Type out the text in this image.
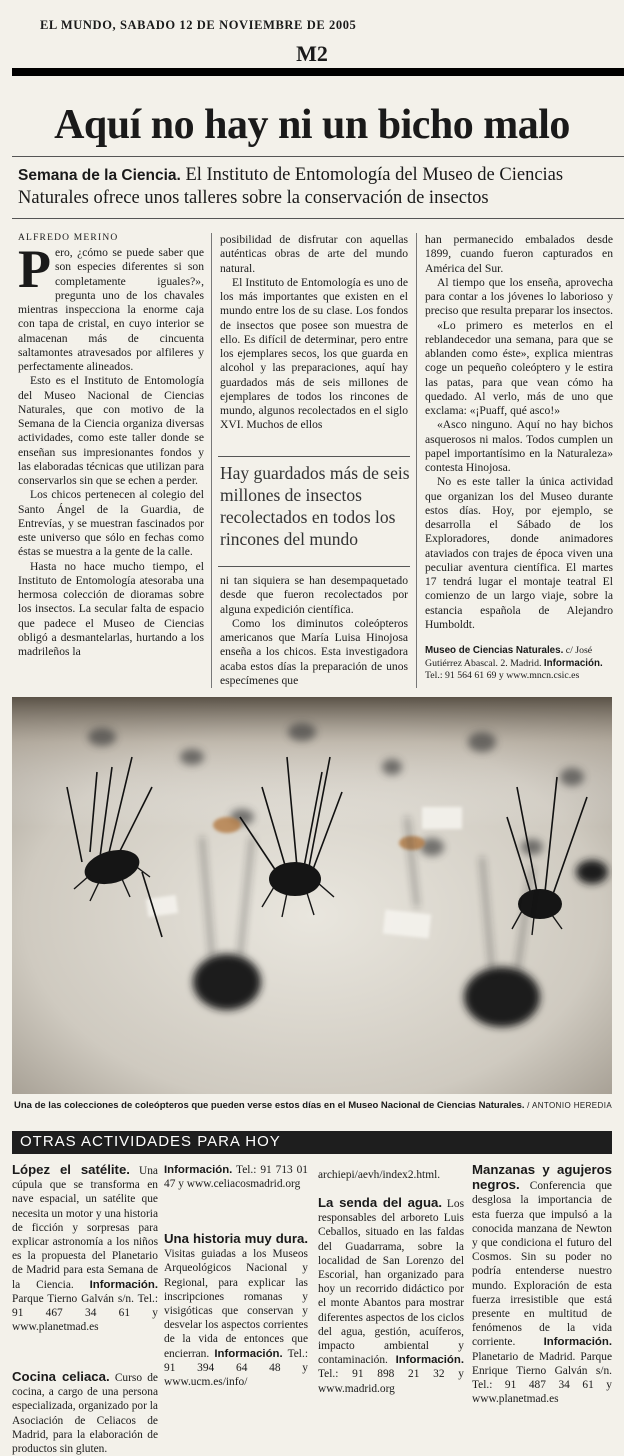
EL MUNDO, SABADO 12 DE NOVIEMBRE DE 2005
M2
Aquí no hay ni un bicho malo
Semana de la Ciencia. El Instituto de Entomología del Museo de Ciencias Naturales ofrece unos talleres sobre la conservación de insectos
ALFREDO MERINO

Pero, ¿cómo se puede saber que son especies diferentes si son completamente iguales?», pregunta uno de los chavales mientras inspecciona la enorme caja con tapa de cristal, en cuyo interior se almacenan más de cincuenta saltamontes atravesados por alfileres y perfectamente alineados.

Esto es el Instituto de Entomología del Museo Nacional de Ciencias Naturales, que con motivo de la Semana de la Ciencia organiza diversas actividades, como este taller donde se enseñan sus impresionantes fondos y las elaboradas técnicas que utilizan para conservarlos sin que se echen a perder.

Los chicos pertenecen al colegio del Santo Ángel de la Guardia, de Entrevías, y se muestran fascinados por este universo que sólo en fechas como éstas se muestra a la gente de la calle.

Hasta no hace mucho tiempo, el Instituto de Entomología atesoraba una hermosa colección de dioramas sobre los insectos. La secular falta de espacio que padece el Museo de Ciencias obligó a desmantelarlas, hurtando a los madrileños la

posibilidad de disfrutar con aquellas auténticas obras de arte del mundo natural.

El Instituto de Entomología es uno de los más importantes que existen en el mundo entre los de su clase. Los fondos de insectos que posee son muestra de ello. Es difícil de determinar, pero entre los ejemplares secos, los que guarda en alcohol y las preparaciones, aquí hay guardados más de seis millones de ejemplares de todos los rincones de mundo, algunos recolectados en el siglo XVI. Muchos de ellos

Hay guardados más de seis millones de insectos recolectados en todos los rincones del mundo

ni tan siquiera se han desempaquetado desde que fueron recolectados por alguna expedición científica.

Como los diminutos coleópteros americanos que María Luisa Hinojosa enseña a los chicos. Esta investigadora acaba estos días la preparación de unos especímenes que

han permanecido embalados desde 1899, cuando fueron capturados en América del Sur.

Al tiempo que los enseña, aprovecha para contar a los jóvenes lo laborioso y preciso que resulta preparar los insectos.

«Lo primero es meterlos en el reblandecedor una semana, para que se ablanden como éste», explica mientras coge un pequeño coleóptero y le estira las patas, para que vean cómo ha quedado. Al verlo, más de uno que exclama: «¡Puaff, qué asco!»

«Asco ninguno. Aquí no hay bichos asquerosos ni malos. Todos cumplen un papel importantísimo en la Naturaleza» contesta Hinojosa.

No es este taller la única actividad que organizan los del Museo durante estos días. Hoy, por ejemplo, se desarrolla el Sábado de los Exploradores, donde animadores ataviados con trajes de época viven una peculiar aventura científica. El martes 17 tendrá lugar el montaje teatral El comienzo de un largo viaje, sobre la estancia española de Alejandro Humboldt.

Museo de Ciencias Naturales. c/ José Gutiérrez Abascal. 2. Madrid. Información. Tel.: 91 564 61 69 y www.mncn.csic.es
Una de las colecciones de coleópteros que pueden verse estos días en el Museo Nacional de Ciencias Naturales. / ANTONIO HEREDIA
OTRAS ACTIVIDADES PARA HOY
López el satélite. Una cúpula que se transforma en nave espacial, un satélite que necesita un motor y una historia de ficción y sorpresas para explicar astronomía a los niños es la propuesta del Planetario de Madrid para esta Semana de la Ciencia. Información. Parque Tierno Galván s/n. Tel.: 91 467 34 61 y www.planetmad.es
Cocina celiaca. Curso de cocina, a cargo de una persona especializada, organizado por la Asociación de Celiacos de Madrid, para la elaboración de productos sin gluten.
Información. Tel.: 91 713 01 47 y www.celiacosmadrid.org
Una historia muy dura. Visitas guiadas a los Museos Arqueológicos Nacional y Regional, para explicar las inscripciones romanas y visigóticas que conservan y desvelar los aspectos corrientes de la vida de entonces que encierran. Información. Tel.: 91 394 64 48 y www.ucm.es/info/
archiepi/aevh/index2.html.
La senda del agua. Los responsables del arboreto Luis Ceballos, situado en las faldas del Guadarrama, sobre la localidad de San Lorenzo del Escorial, han organizado para hoy un recorrido didáctico por el monte Abantos para mostrar diferentes aspectos de los ciclos del agua, gestión, acuíferos, impacto ambiental y contaminación. Información. Tel.: 91 898 21 32 y www.madrid.org
Manzanas y agujeros negros. Conferencia que desglosa la importancia de esta fuerza que impulsó a la conocida manzana de Newton y que condiciona el futuro del Cosmos. Sin su poder no podría entenderse nuestro mundo. Exploración de esta fuerza irresistible que está presente en multitud de fenómenos de la vida corriente. Información. Planetario de Madrid. Parque Enrique Tierno Galván s/n. Tel.: 91 487 34 61 y www.planetmad.es
